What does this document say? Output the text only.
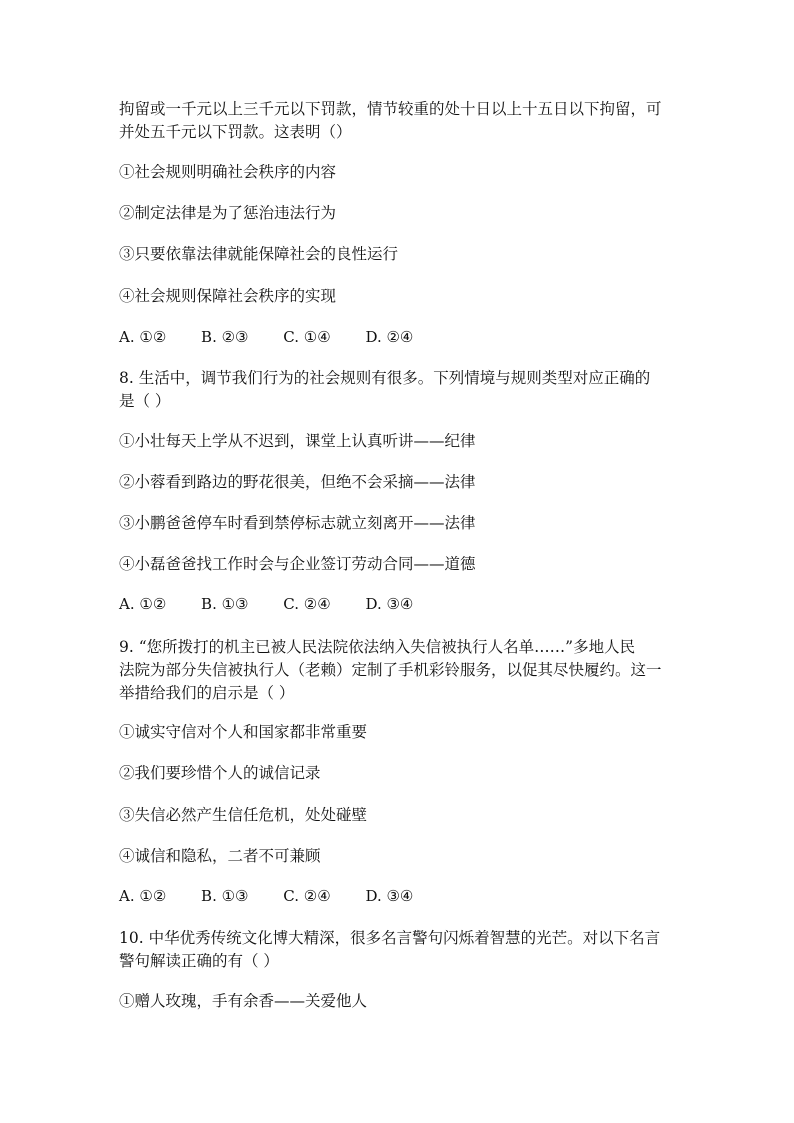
拘留或一千元以上三千元以下罚款，情节较重的处十日以上十五日以下拘留，可
并处五千元以下罚款。这表明（）
①社会规则明确社会秩序的内容
②制定法律是为了惩治违法行为
③只要依靠法律就能保障社会的良性运行
④社会规则保障社会秩序的实现
A. ①② B. ②③ C. ①④ D. ②④
8. 生活中，调节我们行为的社会规则有很多。下列情境与规则类型对应正确的
是（ ）
①小壮每天上学从不迟到，课堂上认真听讲——纪律
②小蓉看到路边的野花很美，但绝不会采摘——法律
③小鹏爸爸停车时看到禁停标志就立刻离开——法律
④小磊爸爸找工作时会与企业签订劳动合同——道德
A. ①② B. ①③ C. ②④ D. ③④
9. “您所拨打的机主已被人民法院依法纳入失信被执行人名单……”多地人民
法院为部分失信被执行人（老赖）定制了手机彩铃服务，以促其尽快履约。这一
举措给我们的启示是（ ）
①诚实守信对个人和国家都非常重要
②我们要珍惜个人的诚信记录
③失信必然产生信任危机，处处碰壁
④诚信和隐私，二者不可兼顾
A. ①② B. ①③ C. ②④ D. ③④
10. 中华优秀传统文化博大精深，很多名言警句闪烁着智慧的光芒。对以下名言
警句解读正确的有（ ）
①赠人玫瑰，手有余香——关爱他人
